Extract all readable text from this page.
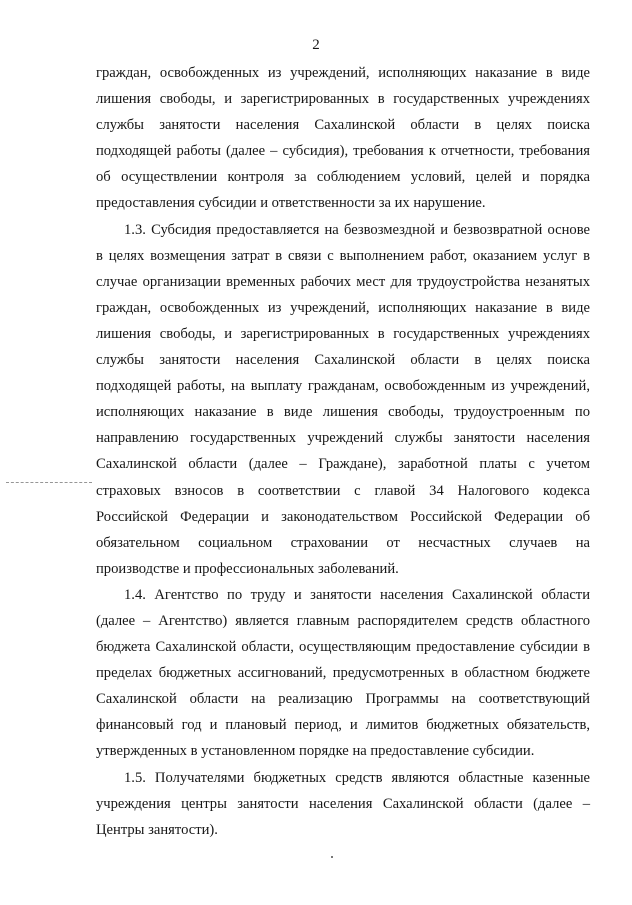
2
граждан, освобожденных из учреждений, исполняющих наказание в виде
лишения свободы, и зарегистрированных в государственных учреждениях
службы занятости населения Сахалинской области в целях поиска
подходящей работы (далее – субсидия), требования к отчетности, требования
об осуществлении контроля за соблюдением условий, целей и порядка
предоставления субсидии и ответственности за их нарушение.
1.3. Субсидия предоставляется на безвозмездной и безвозвратной основе
в целях возмещения затрат в связи с выполнением работ, оказанием услуг в
случае организации временных рабочих мест для трудоустройства незанятых
граждан, освобожденных из учреждений, исполняющих наказание в виде
лишения свободы, и зарегистрированных в государственных учреждениях
службы занятости населения Сахалинской области в целях поиска
подходящей работы, на выплату гражданам, освобожденным из учреждений,
исполняющих наказание в виде лишения свободы, трудоустроенным по
направлению государственных учреждений службы занятости населения
Сахалинской области (далее – Граждане), заработной платы с учетом
страховых взносов в соответствии с главой 34 Налогового кодекса
Российской Федерации и законодательством Российской Федерации об
обязательном социальном страховании от несчастных случаев на
производстве и профессиональных заболеваний.
1.4. Агентство по труду и занятости населения Сахалинской области
(далее – Агентство) является главным распорядителем средств областного
бюджета Сахалинской области, осуществляющим предоставление субсидии в
пределах бюджетных ассигнований, предусмотренных в областном бюджете
Сахалинской области на реализацию Программы на соответствующий
финансовый год и плановый период, и лимитов бюджетных обязательств,
утвержденных в установленном порядке на предоставление субсидии.
1.5. Получателями бюджетных средств являются областные казенные
учреждения центры занятости населения Сахалинской области (далее –
Центры занятости).
